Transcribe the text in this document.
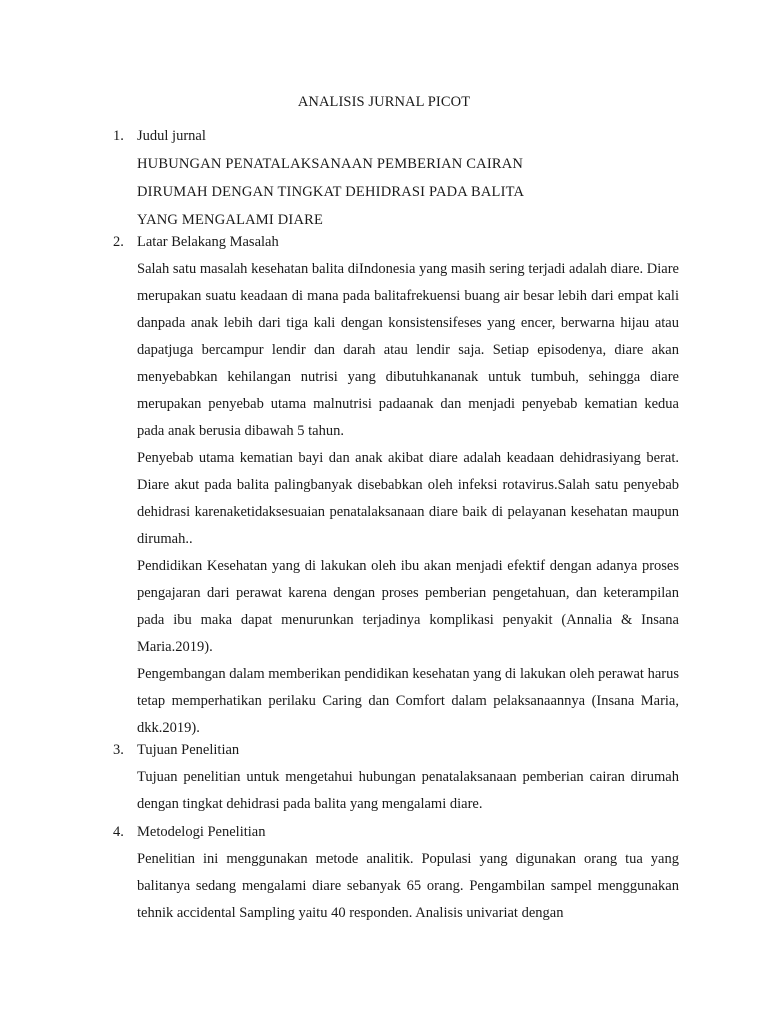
ANALISIS JURNAL PICOT
1. Judul jurnal
HUBUNGAN PENATALAKSANAAN PEMBERIAN CAIRAN
DIRUMAH DENGAN TINGKAT DEHIDRASI PADA BALITA
YANG MENGALAMI DIARE
2. Latar Belakang Masalah

Salah satu masalah kesehatan balita diIndonesia yang masih sering terjadi adalah diare. Diare merupakan suatu keadaan di mana pada balitafrekuensi buang air besar lebih dari empat kali danpada anak lebih dari tiga kali dengan konsistensifeses yang encer, berwarna hijau atau dapatjuga bercampur lendir dan darah atau lendir saja. Setiap episodenya, diare akan menyebabkan kehilangan nutrisi yang dibutuhkananak untuk tumbuh, sehingga diare merupakan penyebab utama malnutrisi padaanak dan menjadi penyebab kematian kedua pada anak berusia dibawah 5 tahun.

Penyebab utama kematian bayi dan anak akibat diare adalah keadaan dehidrasiyang berat. Diare akut pada balita palingbanyak disebabkan oleh infeksi rotavirus.Salah satu penyebab dehidrasi karenaketidaksesuaian penatalaksanaan diare baik di pelayanan kesehatan maupun dirumah..

Pendidikan Kesehatan yang di lakukan oleh ibu akan menjadi efektif dengan adanya proses pengajaran dari perawat karena dengan proses pemberian pengetahuan, dan keterampilan pada ibu maka dapat menurunkan terjadinya komplikasi penyakit (Annalia & Insana Maria.2019).

Pengembangan dalam memberikan pendidikan kesehatan yang di lakukan oleh perawat harus tetap memperhatikan perilaku Caring dan Comfort dalam pelaksanaannya (Insana Maria, dkk.2019).

3. Tujuan Penelitian

Tujuan penelitian untuk mengetahui hubungan penatalaksanaan pemberian cairan dirumah dengan tingkat dehidrasi pada balita yang mengalami diare.

4. Metodelogi Penelitian

Penelitian ini menggunakan metode analitik. Populasi yang digunakan orang tua yang balitanya sedang mengalami diare sebanyak 65 orang. Pengambilan sampel menggunakan tehnik accidental Sampling yaitu 40 responden. Analisis univariat dengan
